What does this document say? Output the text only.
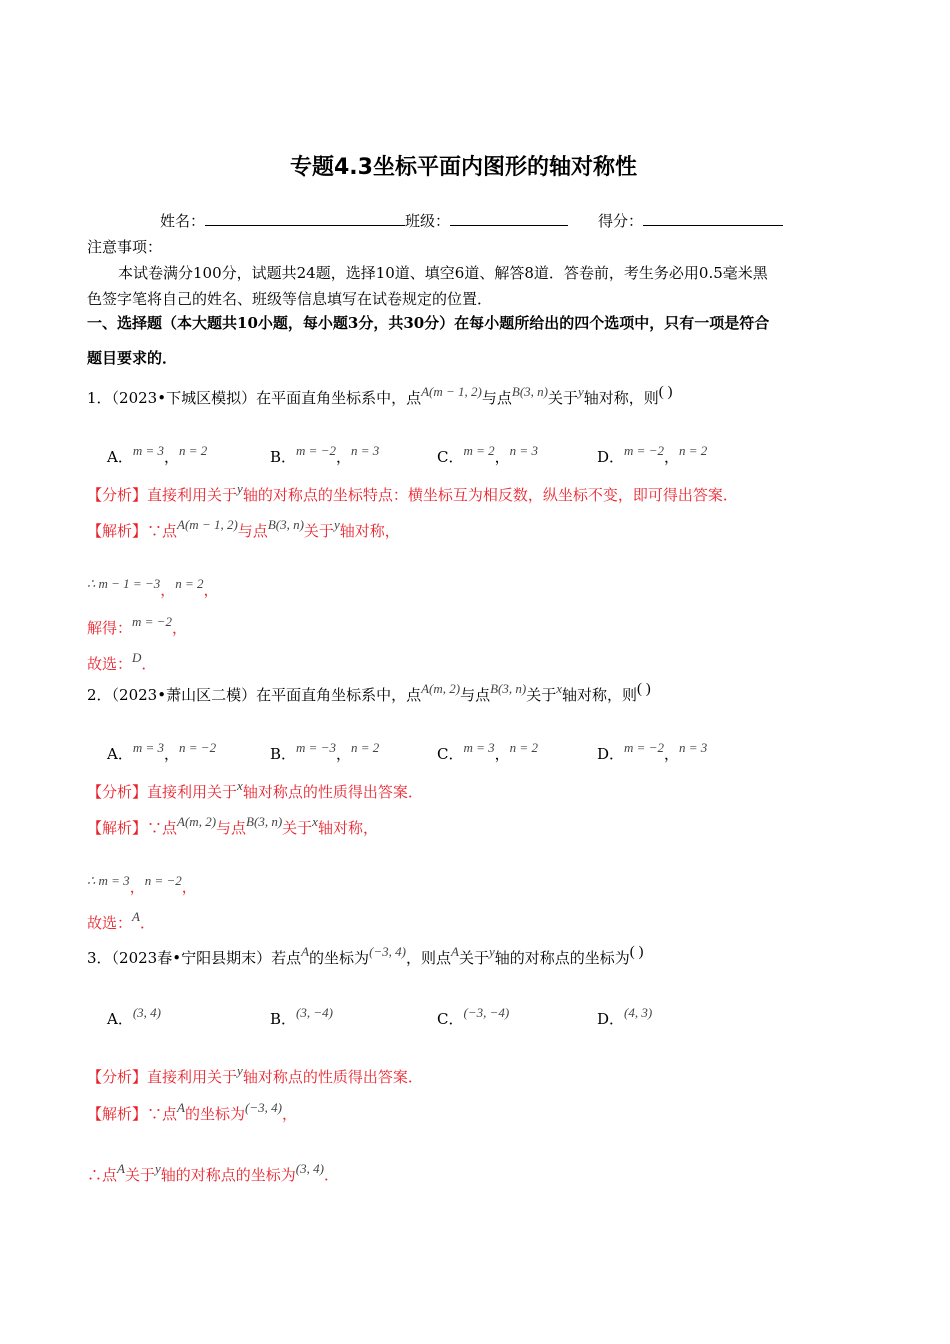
专题4.3坐标平面内图形的轴对称性
姓名：	班级：	得分：
注意事项：
本试卷满分100分，试题共24题，选择10道、填空6道、解答8道．答卷前，考生务必用0.5毫米黑
色签字笔将自己的姓名、班级等信息填写在试卷规定的位置．
一、选择题（本大题共10小题，每小题3分，共30分）在每小题所给出的四个选项中，只有一项是符合
题目要求的．
1．（2023•下城区模拟）在平面直角坐标系中，点A(m − 1, 2)与点B(3, n)关于y轴对称，则( )
A．m = 3，n = 2	B．m = −2，n = 3	C．m = 2，n = 3	D．m = −2，n = 2
【分析】直接利用关于y轴的对称点的坐标特点：横坐标互为相反数，纵坐标不变，即可得出答案．
【解析】∵点A(m − 1, 2)与点B(3, n)关于y轴对称，
∴ m − 1 = −3，n = 2，
解得：m = −2，
故选：D．
2．（2023•萧山区二模）在平面直角坐标系中，点A(m, 2)与点B(3, n)关于x轴对称，则( )
A．m = 3，n = −2	B．m = −3，n = 2	C．m = 3，n = 2	D．m = −2，n = 3
【分析】直接利用关于x轴对称点的性质得出答案．
【解析】∵点A(m, 2)与点B(3, n)关于x轴对称，
∴ m = 3，n = −2，
故选：A．
3．（2023春•宁阳县期末）若点A的坐标为(−3, 4)，则点A关于y轴的对称点的坐标为( )
A．(3, 4)	B．(3, −4)	C．(−3, −4)	D．(4, 3)
【分析】直接利用关于y轴对称点的性质得出答案．
【解析】∵点A的坐标为(−3, 4)，
∴点A关于y轴的对称点的坐标为(3, 4)．
